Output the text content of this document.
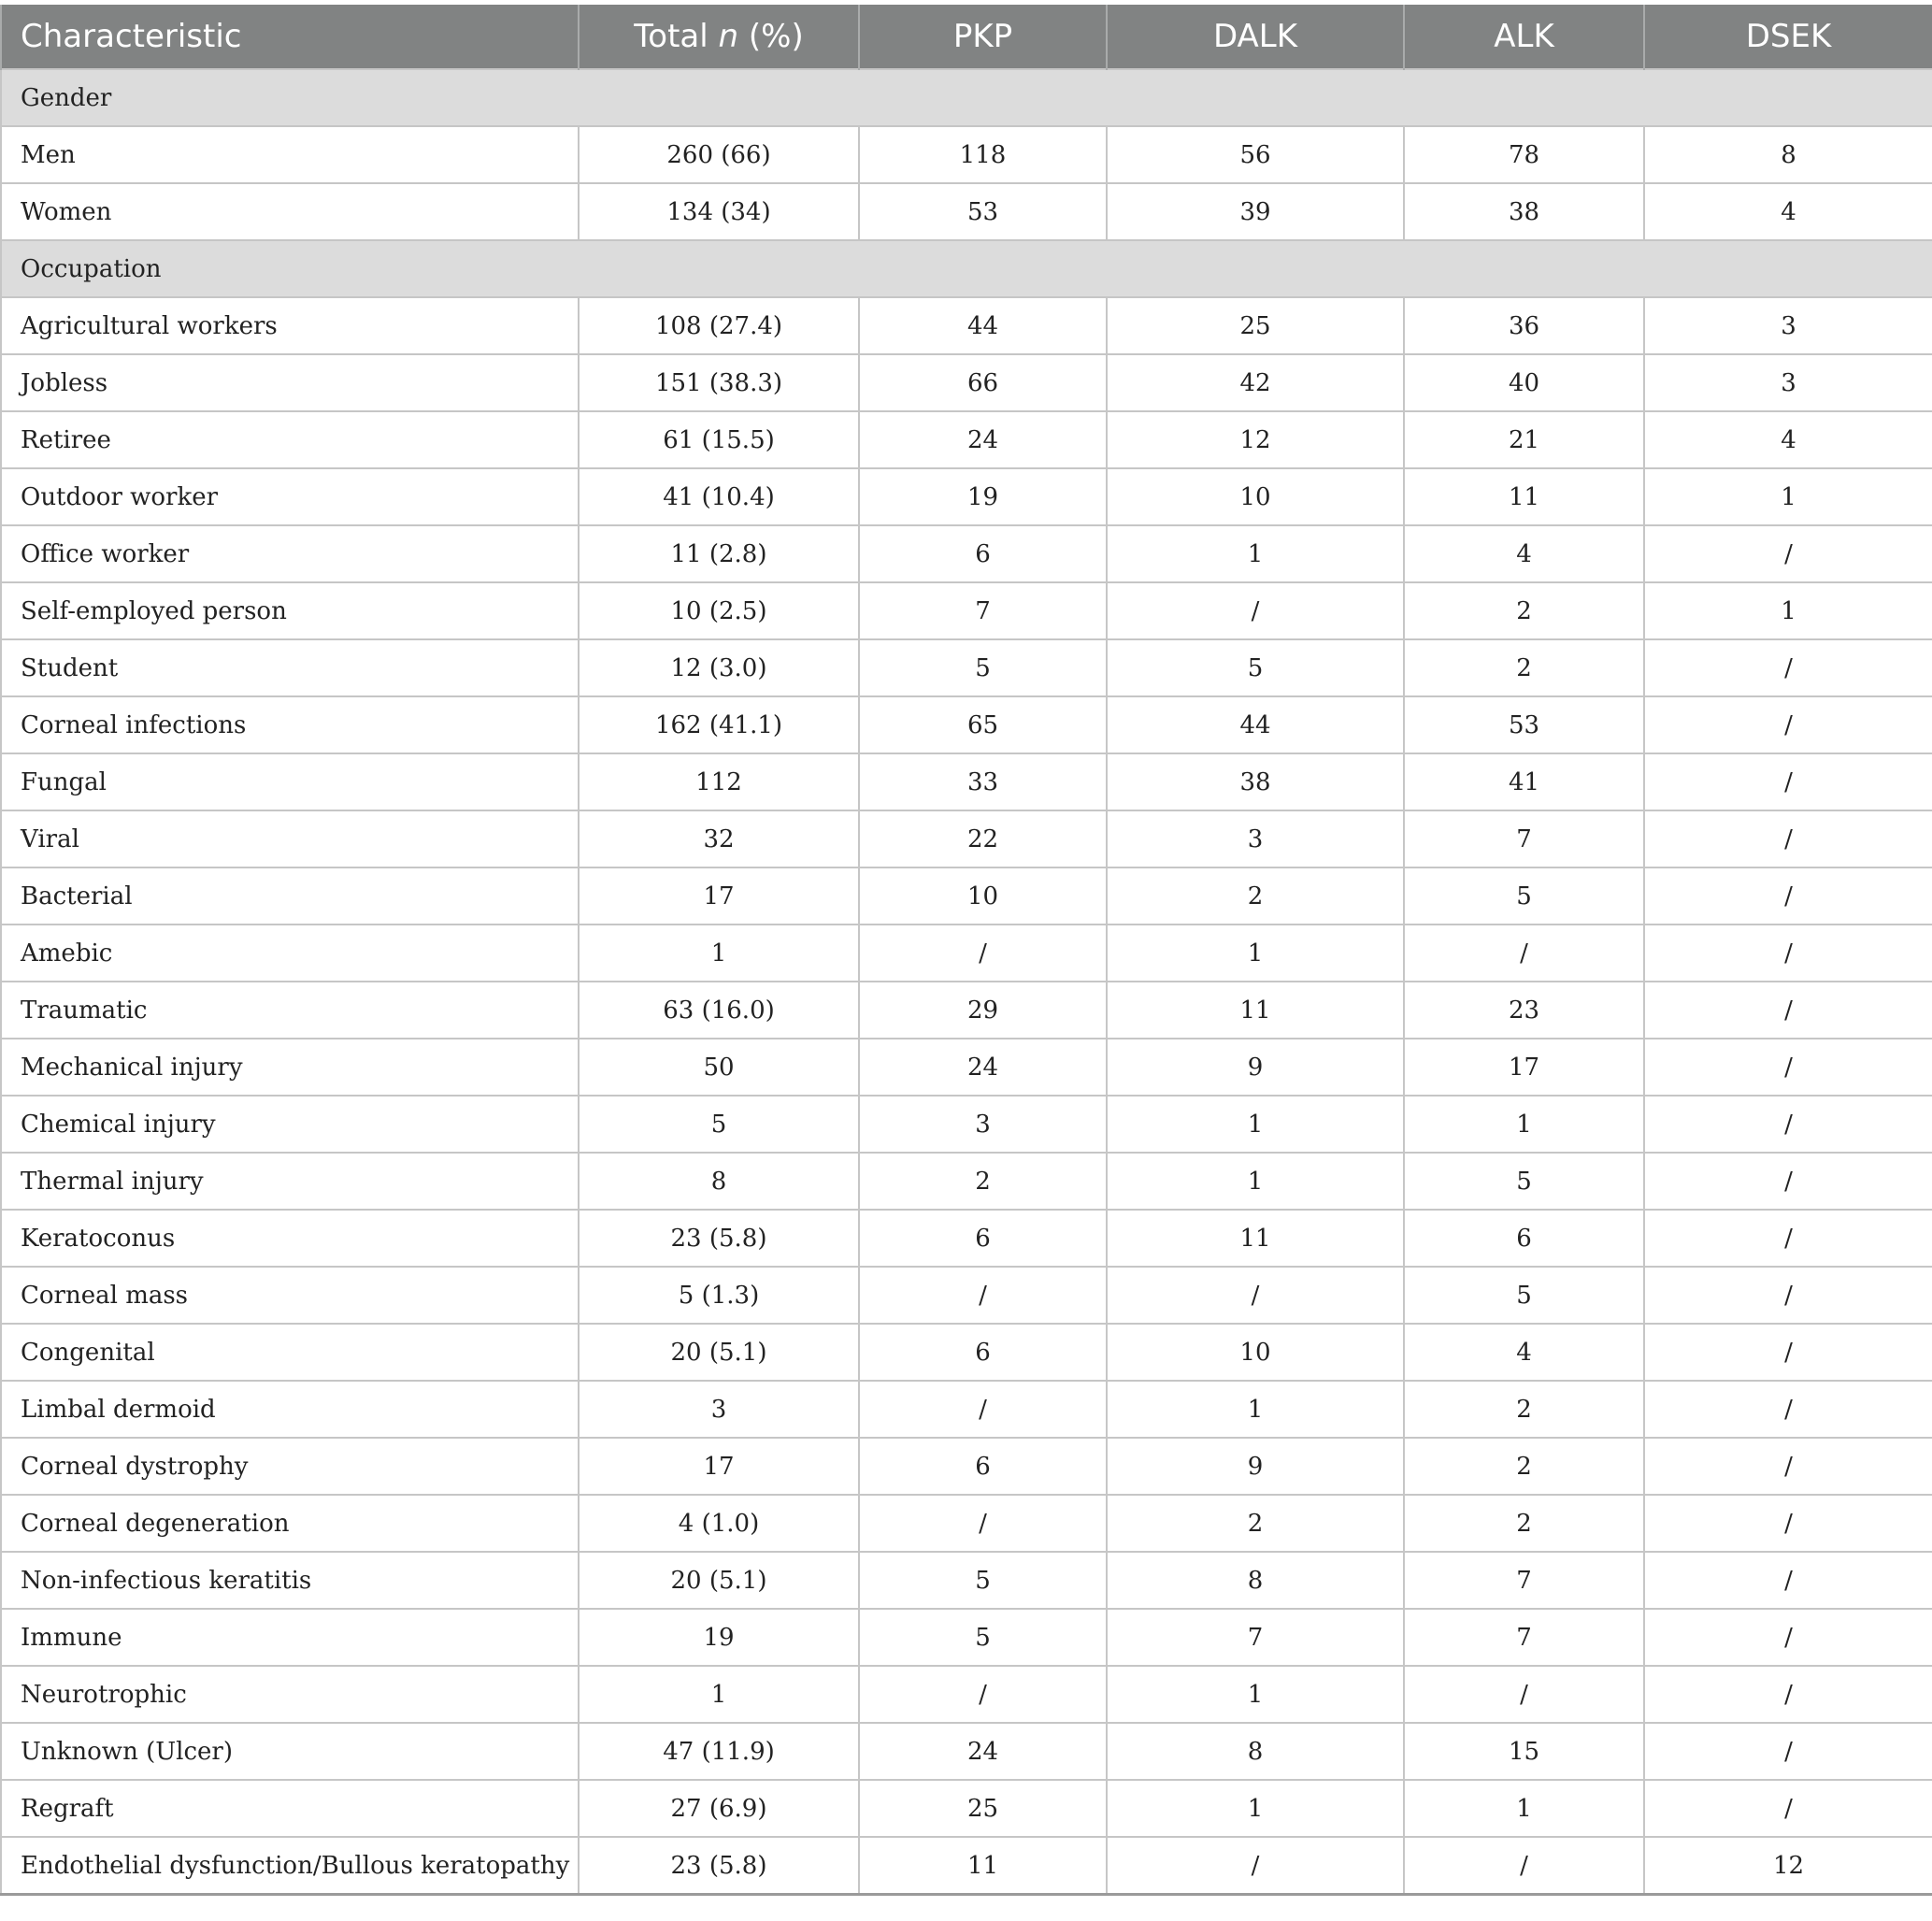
Characteristic	Total n (%)	PKP	DALK	ALK	DSEK
Gender					
Men	260 (66)	118	56	78	8
Women	134 (34)	53	39	38	4
Occupation					
Agricultural workers	108 (27.4)	44	25	36	3
Jobless	151 (38.3)	66	42	40	3
Retiree	61 (15.5)	24	12	21	4
Outdoor worker	41 (10.4)	19	10	11	1
Office worker	11 (2.8)	6	1	4	/
Self-employed person	10 (2.5)	7	/	2	1
Student	12 (3.0)	5	5	2	/
Corneal infections	162 (41.1)	65	44	53	/
Fungal	112	33	38	41	/
Viral	32	22	3	7	/
Bacterial	17	10	2	5	/
Amebic	1	/	1	/	/
Traumatic	63 (16.0)	29	11	23	/
Mechanical injury	50	24	9	17	/
Chemical injury	5	3	1	1	/
Thermal injury	8	2	1	5	/
Keratoconus	23 (5.8)	6	11	6	/
Corneal mass	5 (1.3)	/	/	5	/
Congenital	20 (5.1)	6	10	4	/
Limbal dermoid	3	/	1	2	/
Corneal dystrophy	17	6	9	2	/
Corneal degeneration	4 (1.0)	/	2	2	/
Non-infectious keratitis	20 (5.1)	5	8	7	/
Immune	19	5	7	7	/
Neurotrophic	1	/	1	/	/
Unknown (Ulcer)	47 (11.9)	24	8	15	/
Regraft	27 (6.9)	25	1	1	/
Endothelial dysfunction/Bullous keratopathy	23 (5.8)	11	/	/	12
